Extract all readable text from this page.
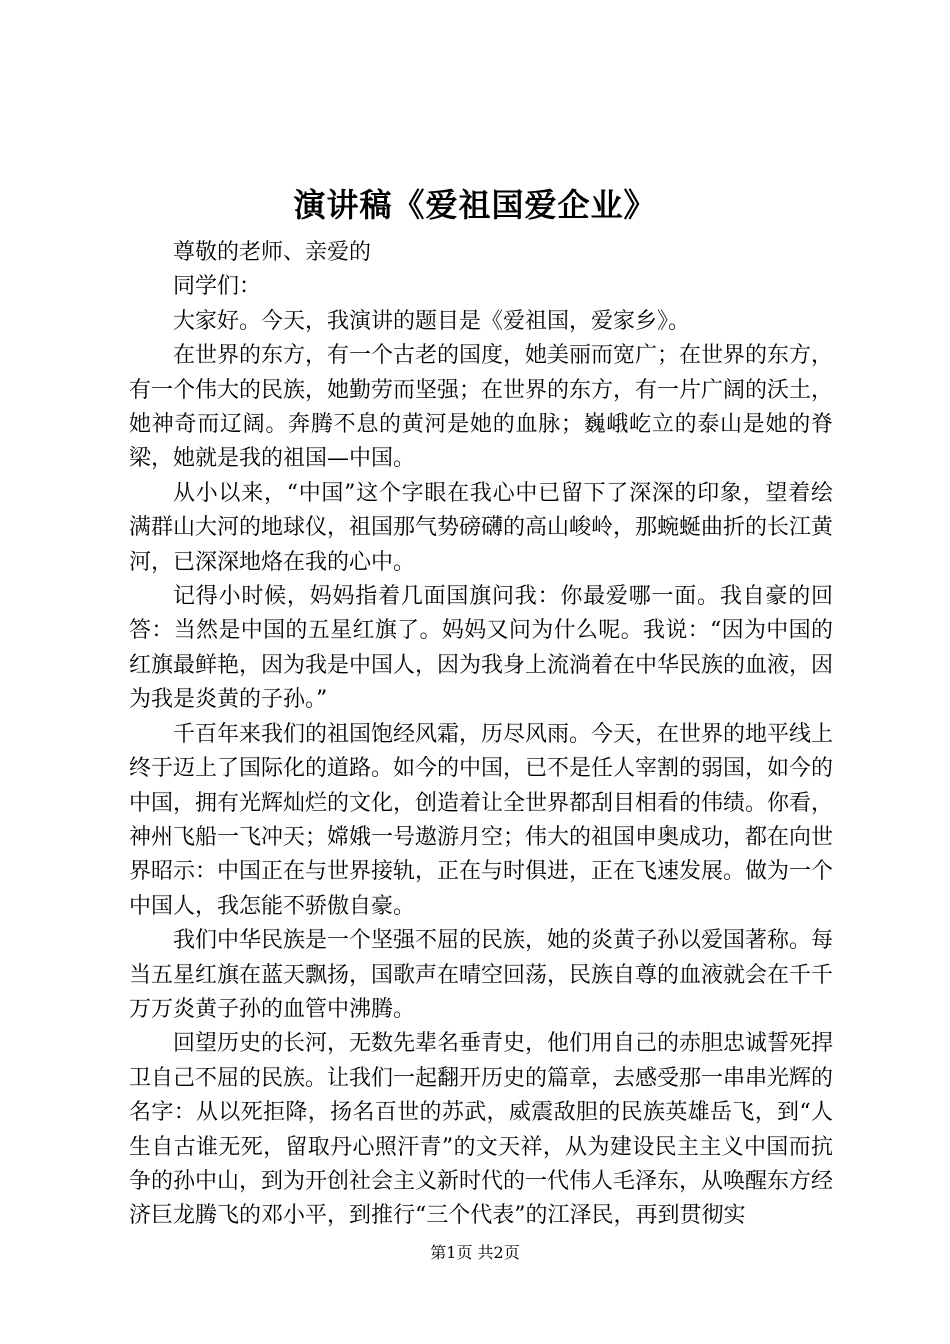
演讲稿《爱祖国爱企业》

尊敬的老师、亲爱的

同学们：

大家好。今天，我演讲的题目是《爱祖国，爱家乡》。

在世界的东方，有一个古老的国度，她美丽而宽广；在世界的东方，有一个伟大的民族，她勤劳而坚强；在世界的东方，有一片广阔的沃土，她神奇而辽阔。奔腾不息的黄河是她的血脉；巍峨屹立的泰山是她的脊梁，她就是我的祖国—中国。

从小以来，“中国”这个字眼在我心中已留下了深深的印象，望着绘满群山大河的地球仪，祖国那气势磅礴的高山峻岭，那蜿蜒曲折的长江黄河，已深深地烙在我的心中。

记得小时候，妈妈指着几面国旗问我：你最爱哪一面。我自豪的回答：当然是中国的五星红旗了。妈妈又问为什么呢。我说：“因为中国的红旗最鲜艳，因为我是中国人，因为我身上流淌着在中华民族的血液，因为我是炎黄的子孙。”

千百年来我们的祖国饱经风霜，历尽风雨。今天，在世界的地平线上终于迈上了国际化的道路。如今的中国，已不是任人宰割的弱国，如今的中国，拥有光辉灿烂的文化，创造着让全世界都刮目相看的伟绩。你看，神州飞船一飞冲天；嫦娥一号遨游月空；伟大的祖国申奥成功，都在向世界昭示：中国正在与世界接轨，正在与时俱进，正在飞速发展。做为一个中国人，我怎能不骄傲自豪。

我们中华民族是一个坚强不屈的民族，她的炎黄子孙以爱国著称。每当五星红旗在蓝天飘扬，国歌声在晴空回荡，民族自尊的血液就会在千千万万炎黄子孙的血管中沸腾。

回望历史的长河，无数先辈名垂青史，他们用自己的赤胆忠诚誓死捍卫自己不屈的民族。让我们一起翻开历史的篇章，去感受那一串串光辉的名字：从以死拒降，扬名百世的苏武，威震敌胆的民族英雄岳飞，到“人生自古谁无死，留取丹心照汗青”的文天祥，从为建设民主主义中国而抗争的孙中山，到为开创社会主义新时代的一代伟人毛泽东，从唤醒东方经济巨龙腾飞的邓小平，到推行“三个代表”的江泽民，再到贯彻实

第1页 共2页
